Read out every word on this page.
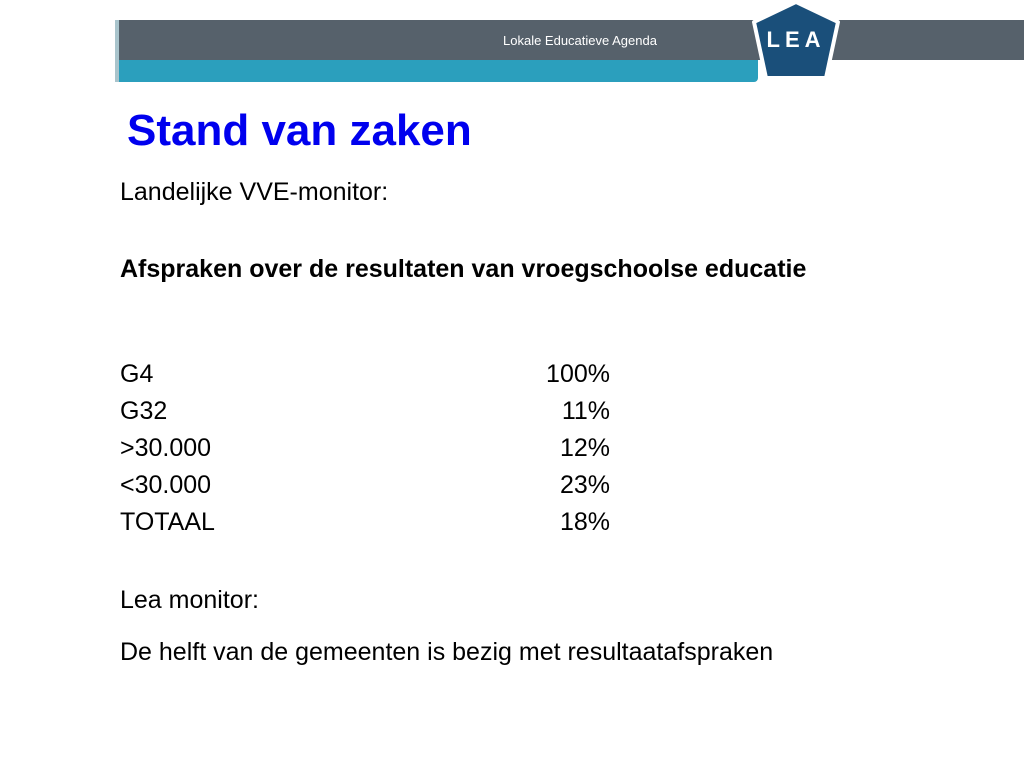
Lokale Educatieve Agenda	LEA
Stand van zaken
Landelijke VVE-monitor:
Afspraken over de resultaten van vroegschoolse educatie
G4	100%
G32	11%
>30.000	12%
<30.000	23%
TOTAAL	18%
Lea monitor:
De helft van de gemeenten is bezig met resultaatafspraken
